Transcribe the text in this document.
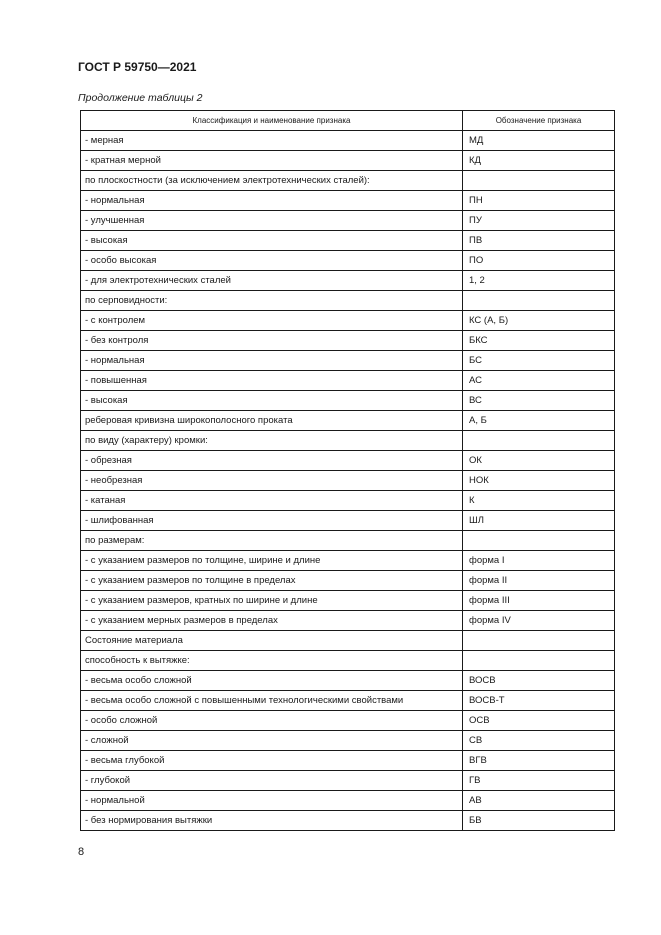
ГОСТ Р 59750—2021
Продолжение таблицы 2
Классификация и наименование признака	Обозначение признака
- мерная	МД
- кратная мерной	КД
по плоскостности (за исключением электротехнических сталей):	
- нормальная	ПН
- улучшенная	ПУ
- высокая	ПВ
- особо высокая	ПО
- для электротехнических сталей	1, 2
по серповидности:	
- с контролем	КС (А, Б)
- без контроля	БКС
- нормальная	БС
- повышенная	АС
- высокая	ВС
реберовая кривизна широкополосного проката	А, Б
по виду (характеру) кромки:	
- обрезная	ОК
- необрезная	НОК
- катаная	К
- шлифованная	ШЛ
по размерам:	
- с указанием размеров по толщине, ширине и длине	форма I
- с указанием размеров по толщине в пределах	форма II
- с указанием размеров, кратных по ширине и длине	форма III
- с указанием мерных размеров в пределах	форма IV
Состояние материала	
способность к вытяжке:	
- весьма особо сложной	ВОСВ
- весьма особо сложной с повышенными технологическими свойствами	ВОСВ-Т
- особо сложной	ОСВ
- сложной	СВ
- весьма глубокой	ВГВ
- глубокой	ГВ
- нормальной	АВ
- без нормирования вытяжки	БВ
8
